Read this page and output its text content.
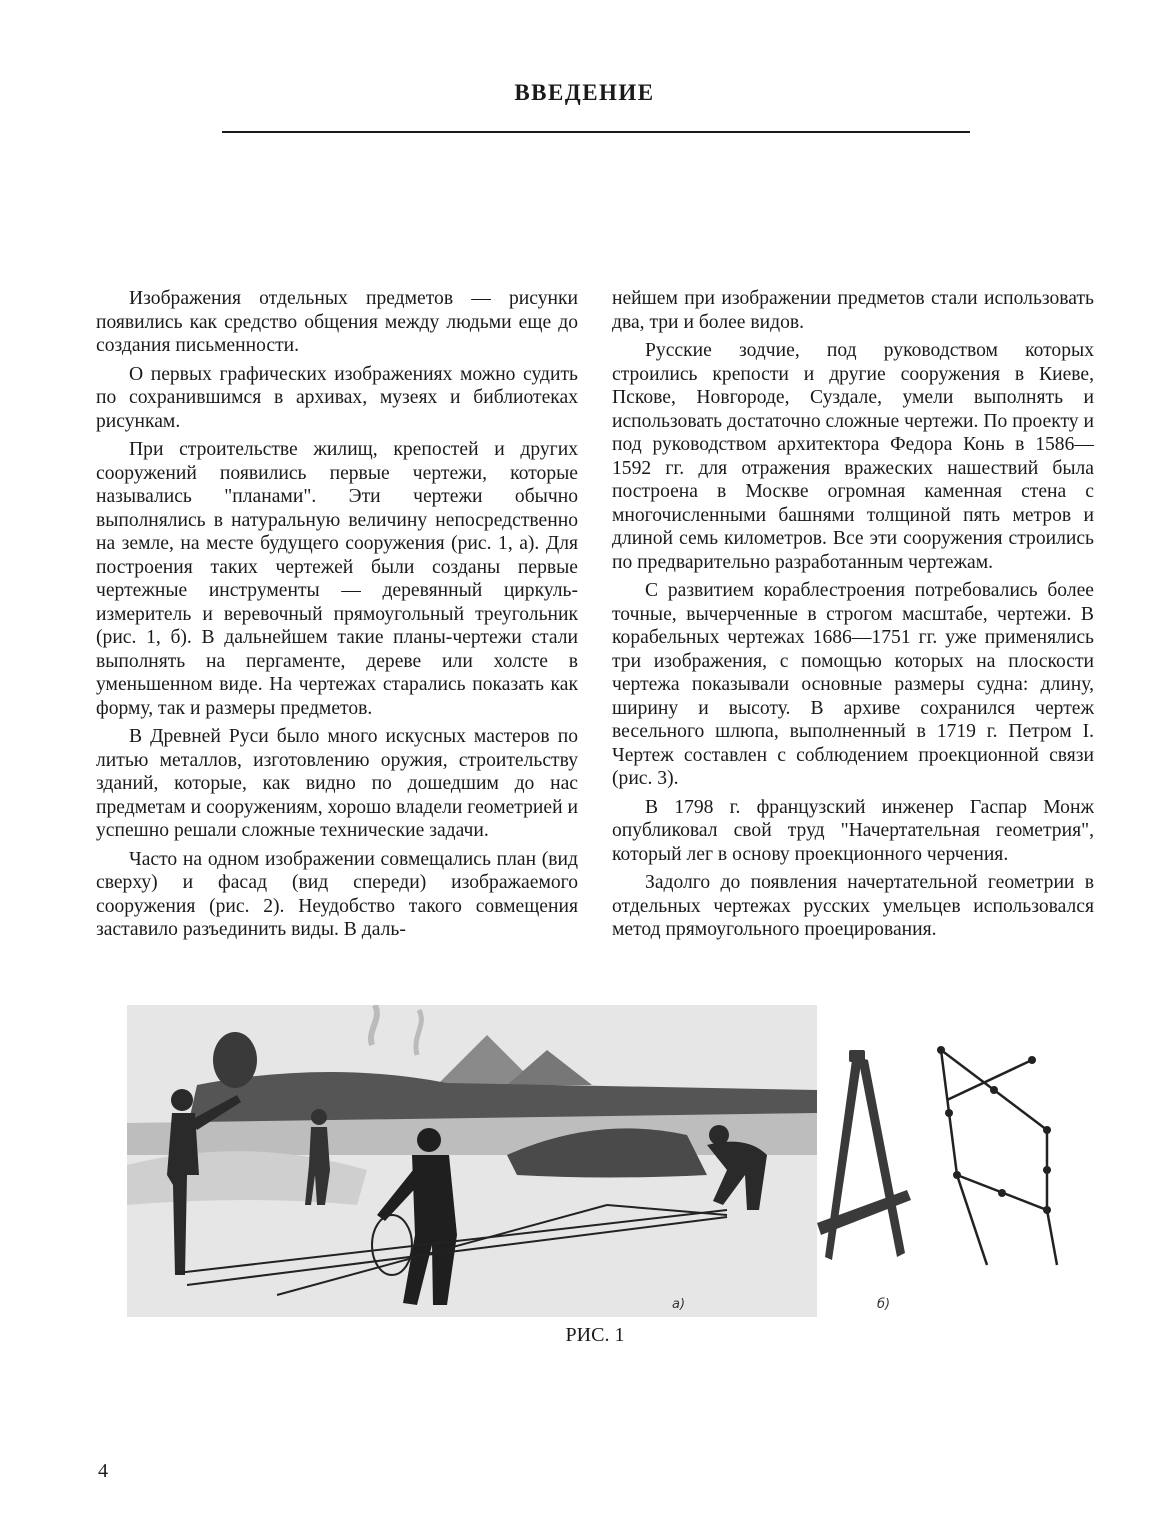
ВВЕДЕНИЕ

Изображения отдельных предметов — рисунки появились как средство общения между людьми еще до создания письменности.

О первых графических изображениях можно судить по сохранившимся в архивах, музеях и библиотеках рисункам.

При строительстве жилищ, крепостей и других сооружений появились первые чертежи, которые назывались "планами". Эти чертежи обычно выполнялись в натуральную величину непосредственно на земле, на месте будущего сооружения (рис. 1, а). Для построения таких чертежей были созданы первые чертежные инструменты — деревянный циркуль-измеритель и веревочный прямоугольный треугольник (рис. 1, б). В дальнейшем такие планы-чертежи стали выполнять на пергаменте, дереве или холсте в уменьшенном виде. На чертежах старались показать как форму, так и размеры предметов.

В Древней Руси было много искусных мастеров по литью металлов, изготовлению оружия, строительству зданий, которые, как видно по дошедшим до нас предметам и сооружениям, хорошо владели геометрией и успешно решали сложные технические задачи.

Часто на одном изображении совмещались план (вид сверху) и фасад (вид спереди) изображаемого сооружения (рис. 2). Неудобство такого совмещения заставило разъединить виды. В даль-

нейшем при изображении предметов стали использовать два, три и более видов.

Русские зодчие, под руководством которых строились крепости и другие сооружения в Киеве, Пскове, Новгороде, Суздале, умели выполнять и использовать достаточно сложные чертежи. По проекту и под руководством архитектора Федора Конь в 1586—1592 гг. для отражения вражеских нашествий была построена в Москве огромная каменная стена с многочисленными башнями толщиной пять метров и длиной семь километров. Все эти сооружения строились по предварительно разработанным чертежам.

С развитием кораблестроения потребовались более точные, вычерченные в строгом масштабе, чертежи. В корабельных чертежах 1686—1751 гг. уже применялись три изображения, с помощью которых на плоскости чертежа показывали основные размеры судна: длину, ширину и высоту. В архиве сохранился чертеж весельного шлюпа, выполненный в 1719 г. Петром I. Чертеж составлен с соблюдением проекционной связи (рис. 3).

В 1798 г. французский инженер Гаспар Монж опубликовал свой труд "Начертательная геометрия", который лег в основу проекционного черчения.

Задолго до появления начертательной геометрии в отдельных чертежах русских умельцев использовался метод прямоугольного проецирования.

а)	б)
РИС. 1
4
